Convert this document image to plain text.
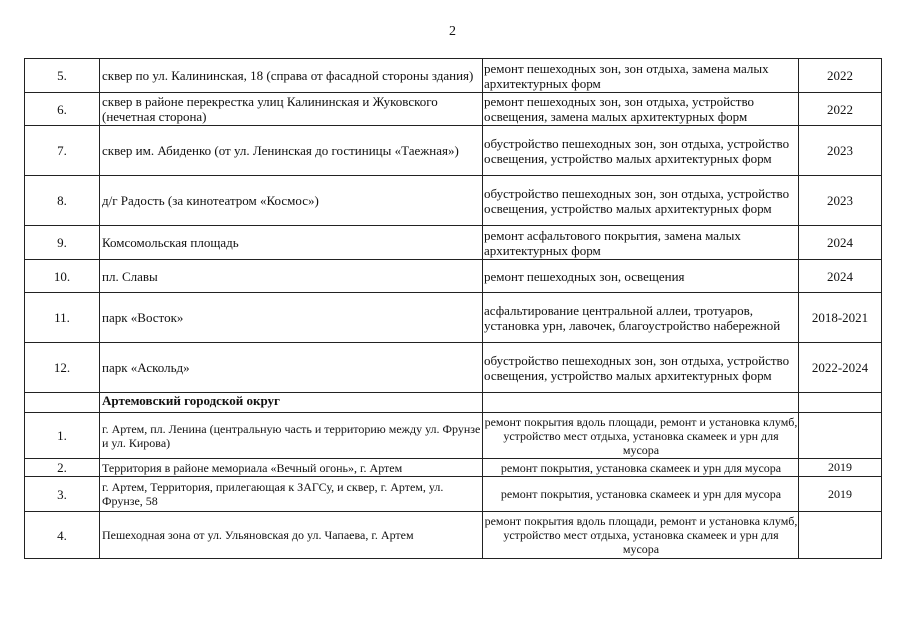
2
5.	сквер по ул. Калининская, 18 (справа от фасадной стороны здания)	ремонт пешеходных зон, зон отдыха, замена малых архитектурных форм	2022
6.	сквер в районе перекрестка улиц Калининская и Жуковского (нечетная сторона)	ремонт пешеходных зон, зон отдыха, устройство освещения, замена малых архитектурных форм	2022
7.	сквер им. Абиденко (от ул. Ленинская до гостиницы «Таежная»)	обустройство пешеходных зон, зон отдыха, устройство освещения, устройство малых архитектурных форм	2023
8.	д/г Радость (за кинотеатром «Космос»)	обустройство пешеходных зон, зон отдыха, устройство освещения, устройство малых архитектурных форм	2023
9.	Комсомольская площадь	ремонт асфальтового покрытия, замена малых архитектурных форм	2024
10.	пл. Славы	ремонт пешеходных зон, освещения	2024
11.	парк «Восток»	асфальтирование центральной аллеи, тротуаров, установка урн, лавочек, благоустройство набережной	2018-2021
12.	парк «Аскольд»	обустройство пешеходных зон, зон отдыха, устройство освещения, устройство малых архитектурных форм	2022-2024
	Артемовский городской округ		
1.	г. Артем, пл. Ленина (центральную часть и территорию между ул. Фрунзе и ул. Кирова)	ремонт покрытия вдоль площади, ремонт и установка клумб, устройство мест отдыха, установка скамеек и урн для мусора	
2.	Территория в районе мемориала «Вечный огонь», г. Артем	ремонт покрытия, установка скамеек и урн для мусора	2019
3.	г. Артем, Территория, прилегающая к ЗАГСу, и сквер, г. Артем, ул. Фрунзе, 58	ремонт покрытия, установка скамеек и урн для мусора	2019
4.	Пешеходная зона от ул. Ульяновская до ул. Чапаева, г. Артем	ремонт покрытия вдоль площади, ремонт и установка клумб, устройство мест отдыха, установка скамеек и урн для мусора	
